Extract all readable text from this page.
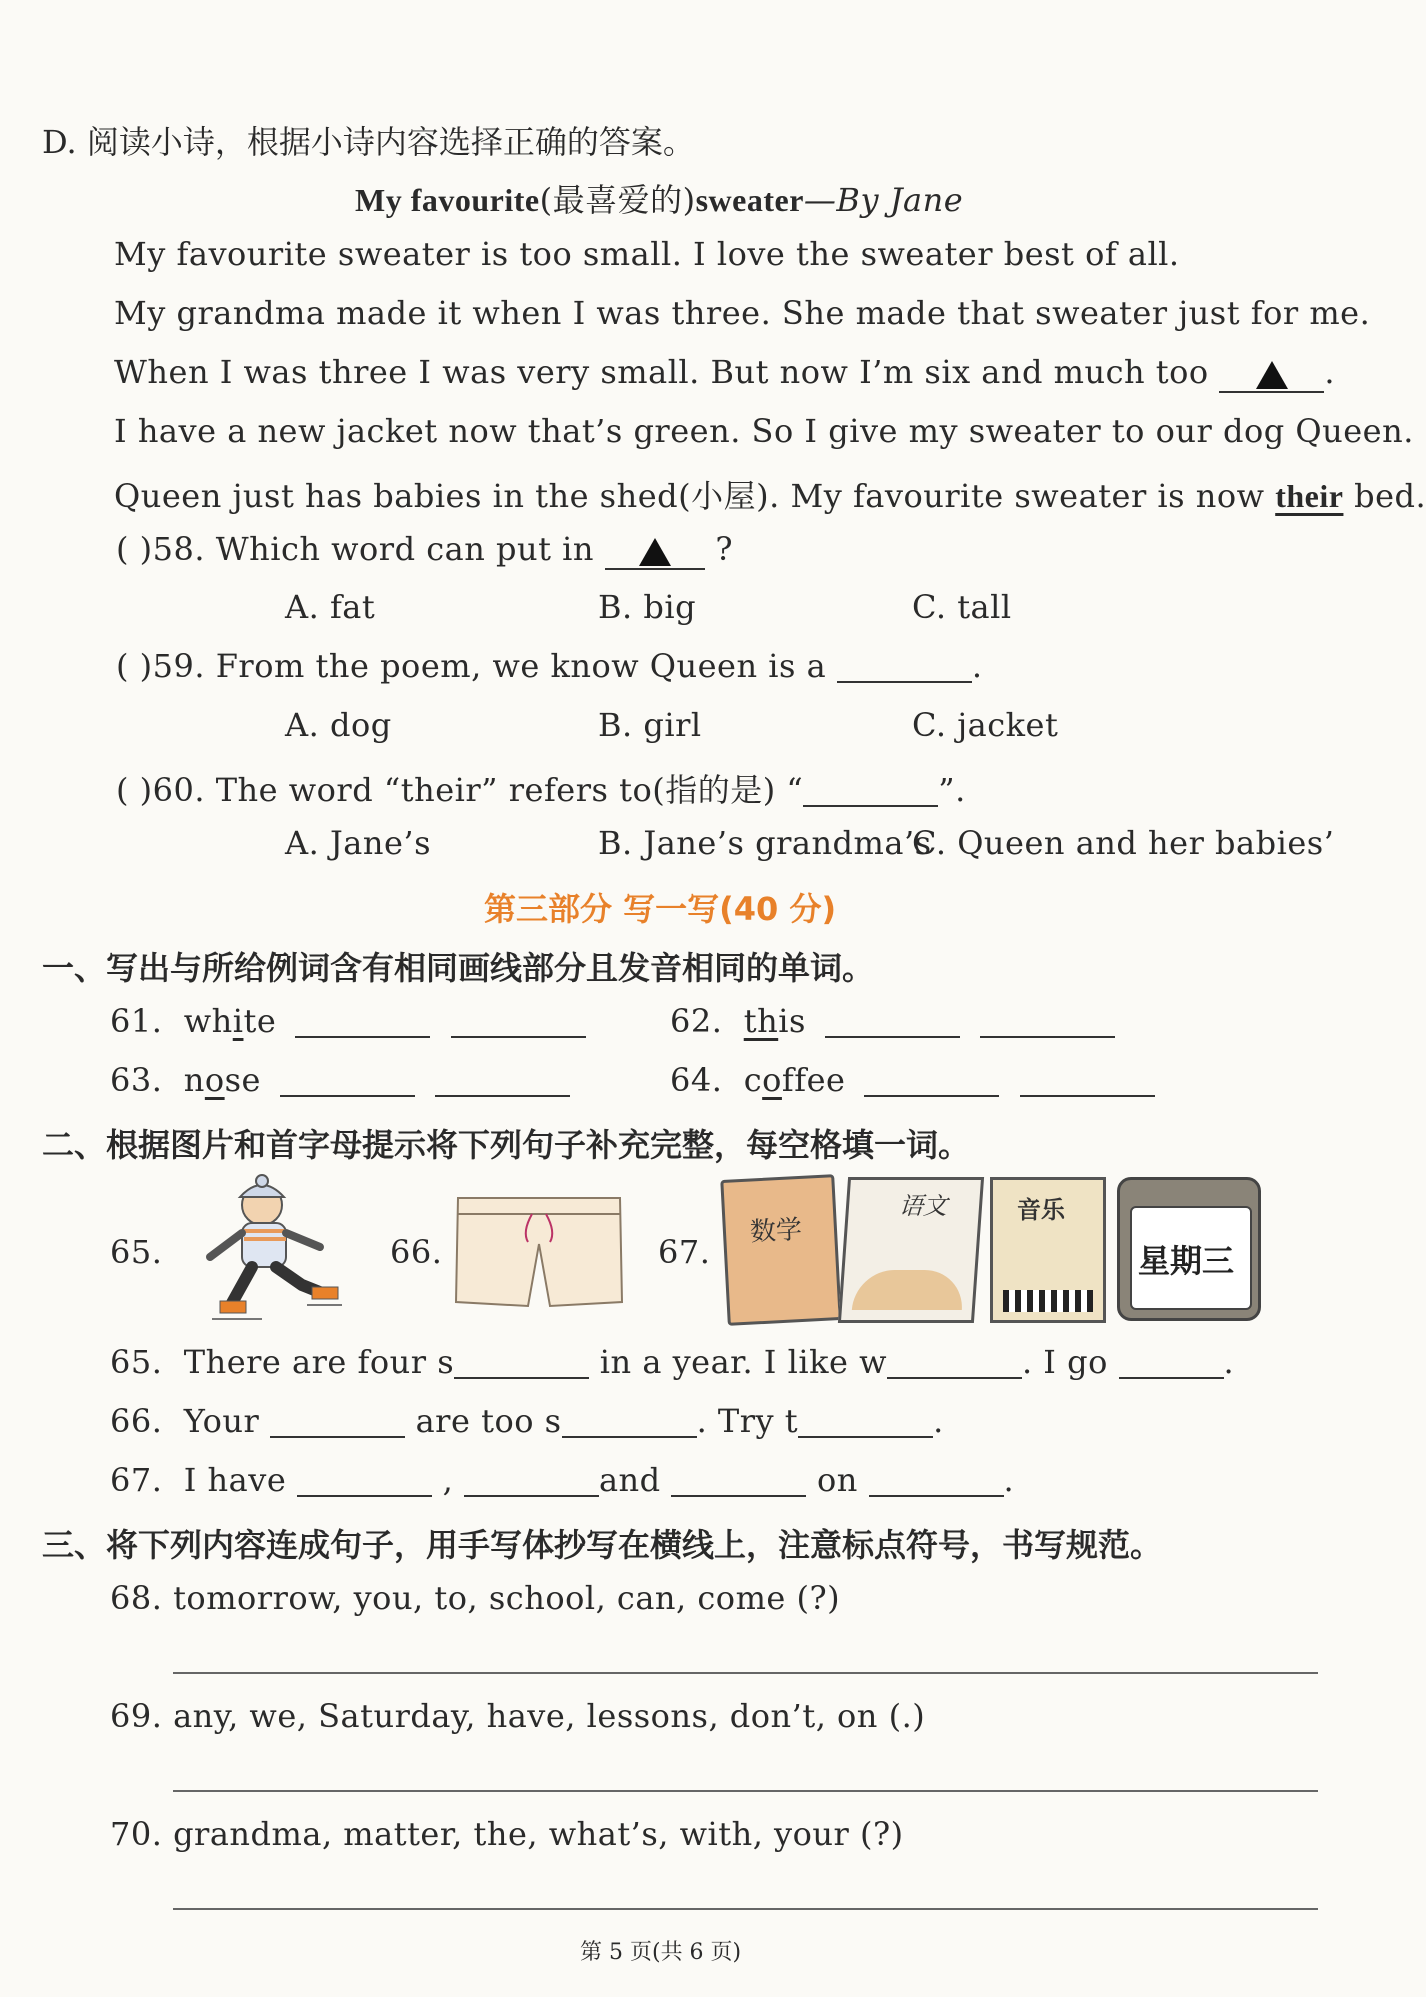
D. 阅读小诗，根据小诗内容选择正确的答案。
My favourite(最喜爱的)sweater—By Jane
My favourite sweater is too small. I love the sweater best of all.
My grandma made it when I was three. She made that sweater just for me.
When I was three I was very small. But now I’m six and much too	.
I have a new jacket now that’s green. So I give my sweater to our dog Queen.
Queen just has babies in the shed(小屋). My favourite sweater is now their bed.
( )58. Which word can put in	?
A. fat	B. big	C. tall
( )59. From the poem, we know Queen is a	.
A. dog	B. girl	C. jacket
( )60. The word “their” refers to(指的是) “	”.
A. Jane’s	B. Jane’s grandma’s
C. Queen and her babies’
第三部分 写一写(40 分)
一、写出与所给例词含有相同画线部分且发音相同的单词。
61. white	62. this
63. nose	64. coffee
二、根据图片和首字母提示将下列句子补充完整，每空格填一词。
65.	66.	67.
数学
语文	音乐
星期三
65. There are four s	in a year. I like w	. I go	.
66. Your	are too s	. Try t	.
67. I have	,	and	on	.
三、将下列内容连成句子，用手写体抄写在横线上，注意标点符号，书写规范。
68. tomorrow, you, to, school, can, come (?)
69. any, we, Saturday, have, lessons, don’t, on (.)
70. grandma, matter, the, what’s, with, your (?)
第 5 页(共 6 页)
